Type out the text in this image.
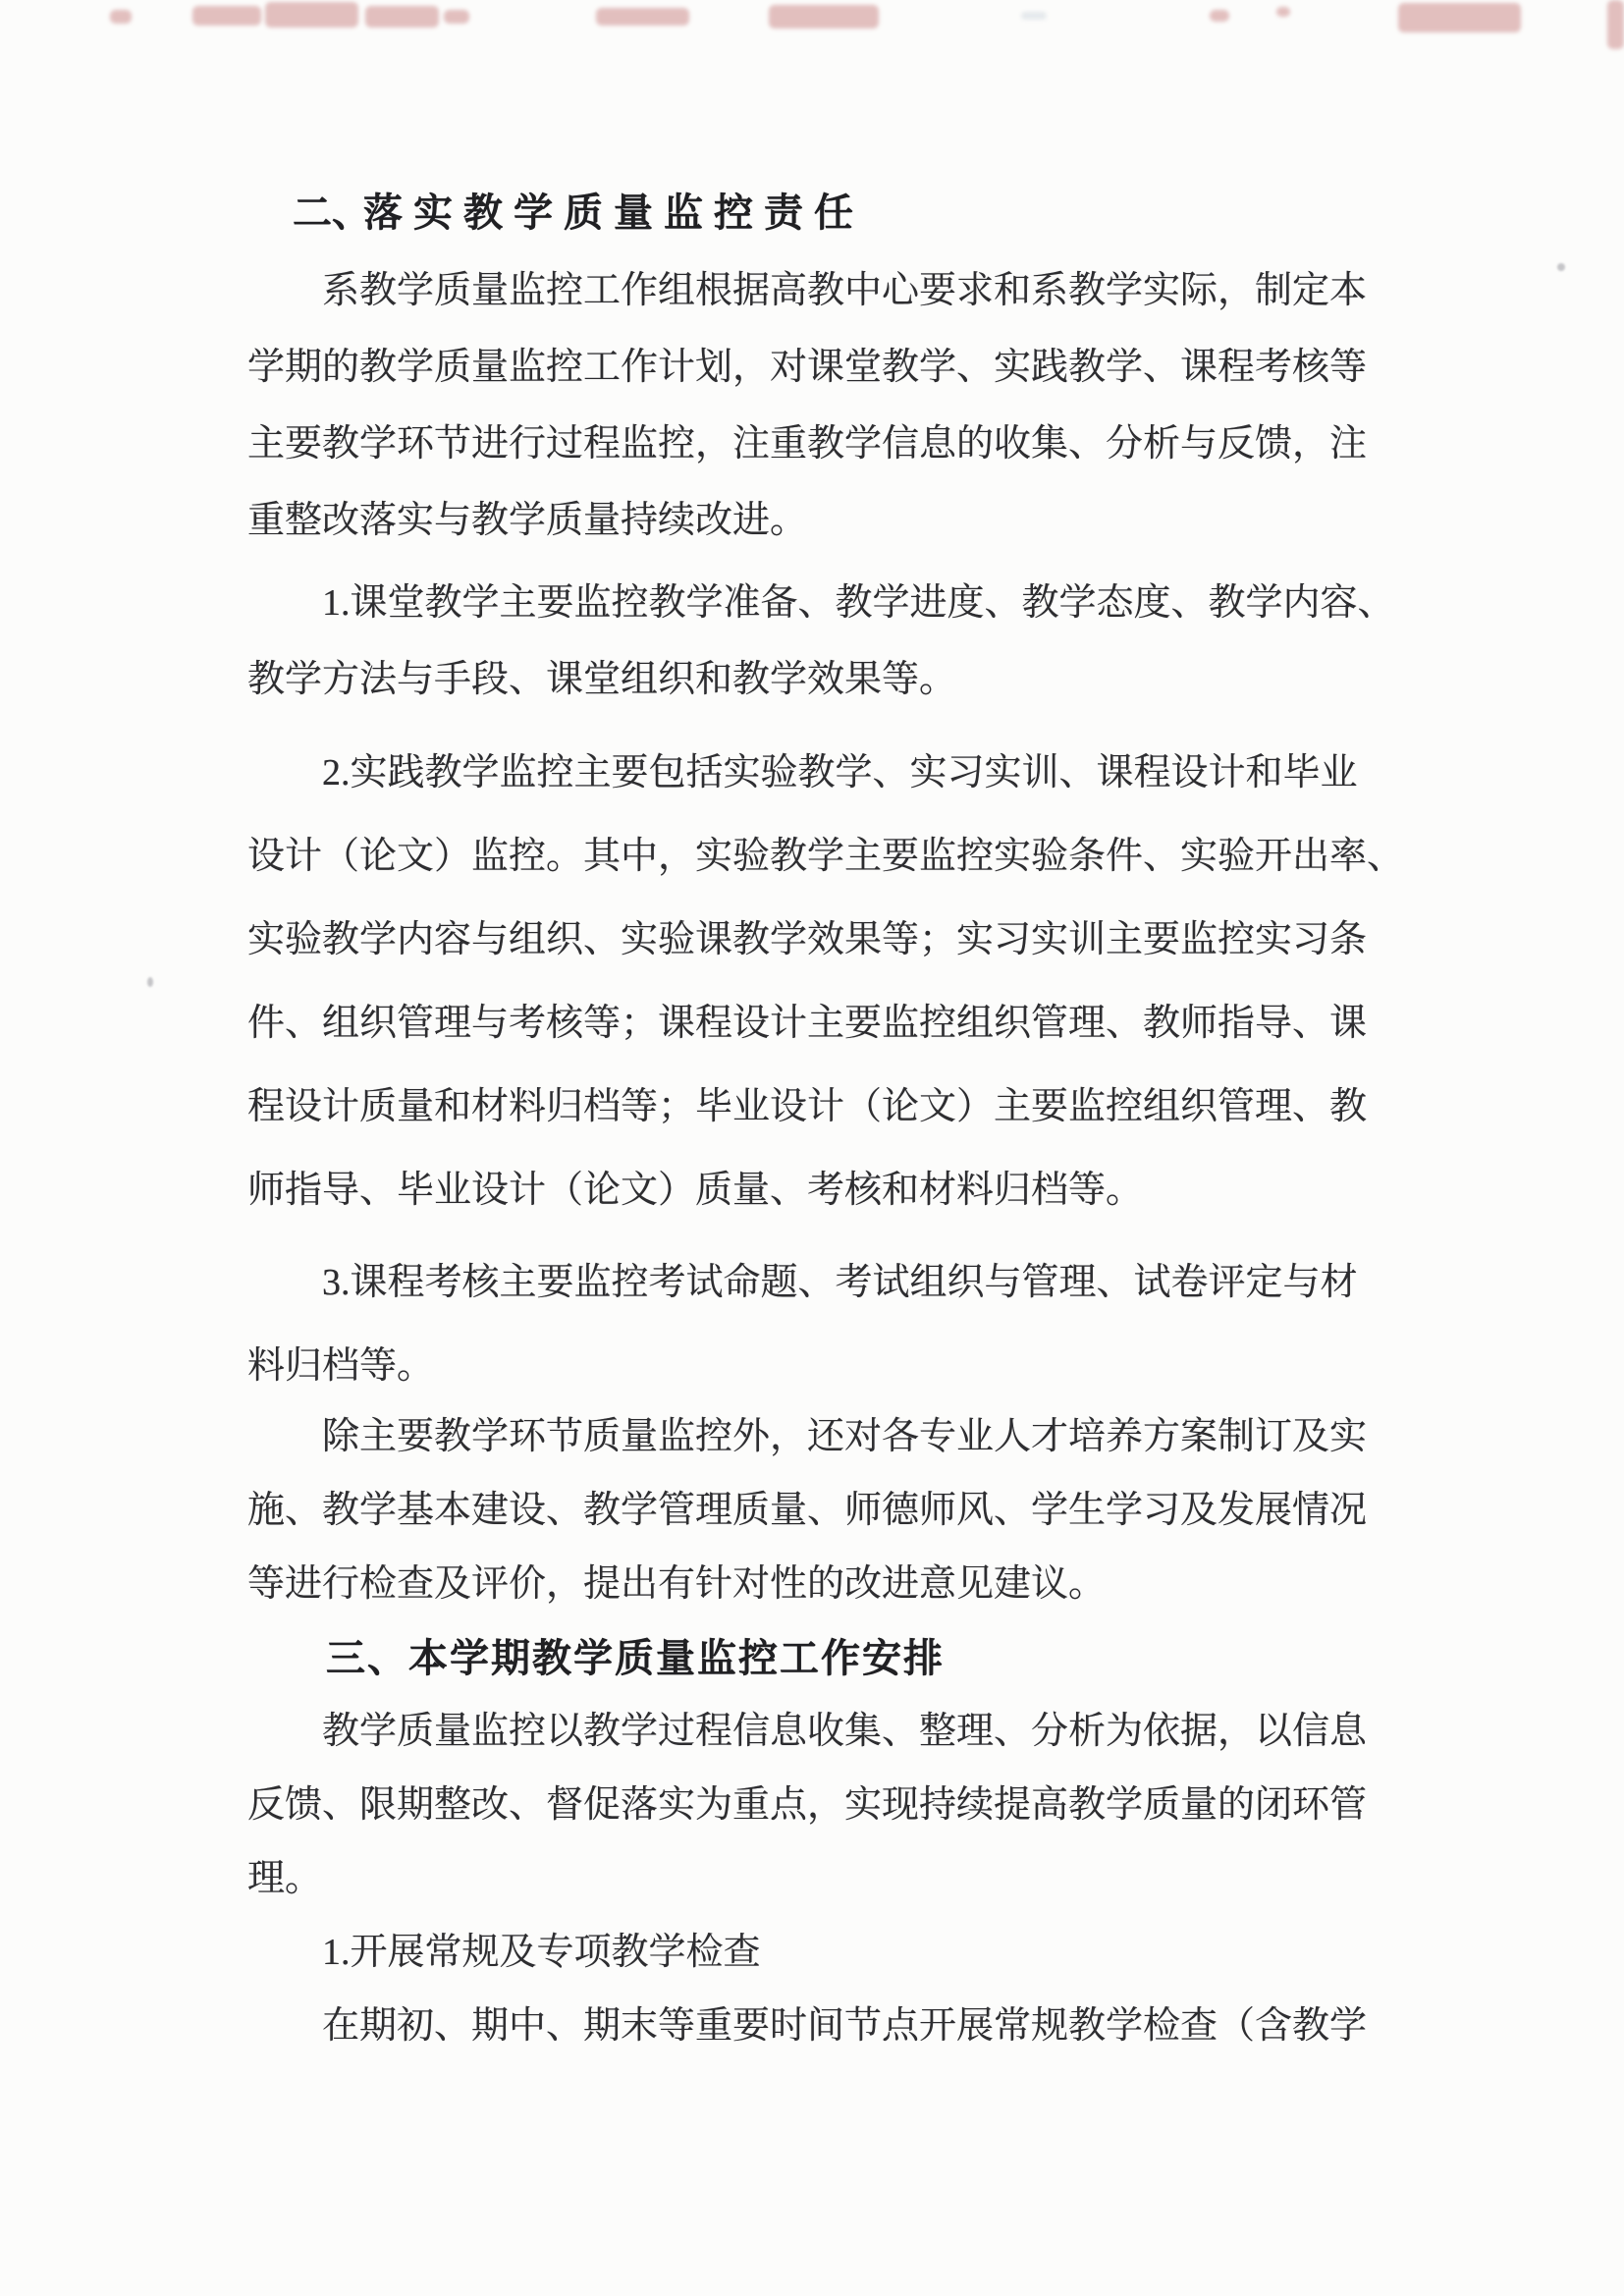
二、落实教学质量监控责任
系教学质量监控工作组根据高教中心要求和系教学实际，制定本
学期的教学质量监控工作计划，对课堂教学、实践教学、课程考核等
主要教学环节进行过程监控，注重教学信息的收集、分析与反馈，注
重整改落实与教学质量持续改进。
1.课堂教学主要监控教学准备、教学进度、教学态度、教学内容、
教学方法与手段、课堂组织和教学效果等。
2.实践教学监控主要包括实验教学、实习实训、课程设计和毕业
设计（论文）监控。其中，实验教学主要监控实验条件、实验开出率、
实验教学内容与组织、实验课教学效果等；实习实训主要监控实习条
件、组织管理与考核等；课程设计主要监控组织管理、教师指导、课
程设计质量和材料归档等；毕业设计（论文）主要监控组织管理、教
师指导、毕业设计（论文）质量、考核和材料归档等。
3.课程考核主要监控考试命题、考试组织与管理、试卷评定与材
料归档等。
除主要教学环节质量监控外，还对各专业人才培养方案制订及实
施、教学基本建设、教学管理质量、师德师风、学生学习及发展情况
等进行检查及评价，提出有针对性的改进意见建议。
三、本学期教学质量监控工作安排
教学质量监控以教学过程信息收集、整理、分析为依据，以信息
反馈、限期整改、督促落实为重点，实现持续提高教学质量的闭环管
理。
1.开展常规及专项教学检查
在期初、期中、期末等重要时间节点开展常规教学检查（含教学
